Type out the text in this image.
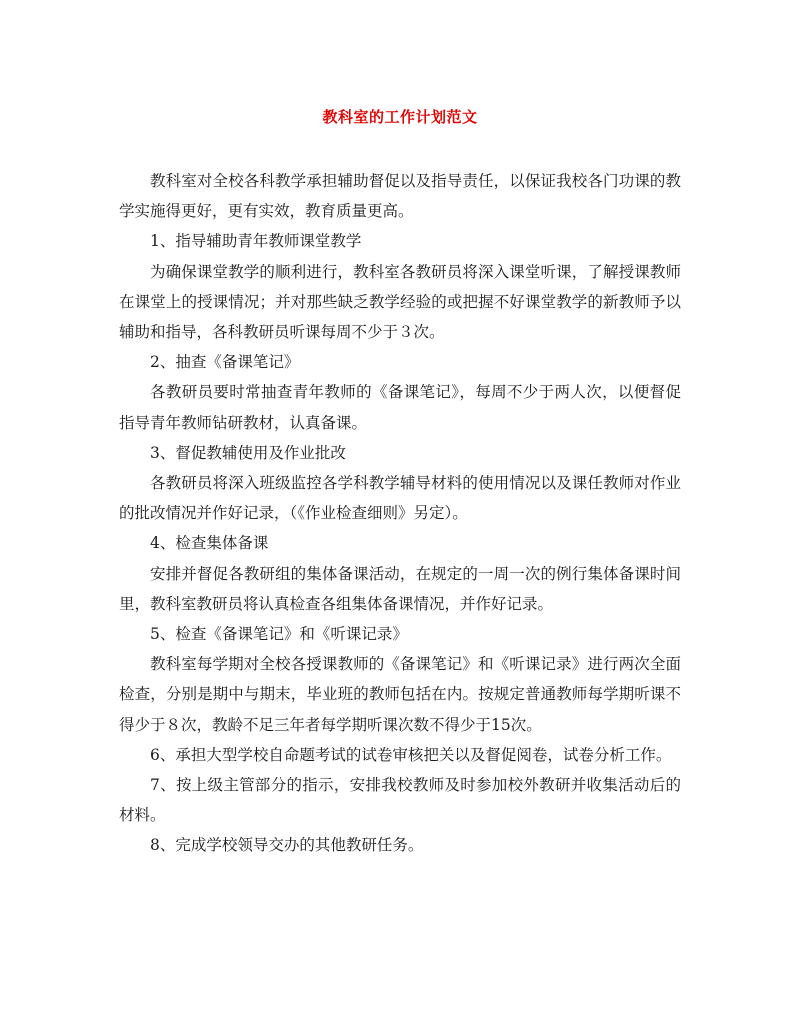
教科室的工作计划范文

教科室对全校各科教学承担辅助督促以及指导责任，以保证我校各门功课的教学实施得更好，更有实效，教育质量更高。

1、指导辅助青年教师课堂教学

为确保课堂教学的顺利进行，教科室各教研员将深入课堂听课，了解授课教师在课堂上的授课情况；并对那些缺乏教学经验的或把握不好课堂教学的新教师予以辅助和指导，各科教研员听课每周不少于３次。

2、抽查《备课笔记》

各教研员要时常抽查青年教师的《备课笔记》，每周不少于两人次，以便督促指导青年教师钻研教材，认真备课。

3、督促教辅使用及作业批改

各教研员将深入班级监控各学科教学辅导材料的使用情况以及课任教师对作业的批改情况并作好记录，（《作业检查细则》另定）。

4、检查集体备课

安排并督促各教研组的集体备课活动，在规定的一周一次的例行集体备课时间里，教科室教研员将认真检查各组集体备课情况，并作好记录。

5、检查《备课笔记》和《听课记录》

教科室每学期对全校各授课教师的《备课笔记》和《听课记录》进行两次全面检查，分别是期中与期末，毕业班的教师包括在内。按规定普通教师每学期听课不得少于８次，教龄不足三年者每学期听课次数不得少于15次。

6、承担大型学校自命题考试的试卷审核把关以及督促阅卷，试卷分析工作。

7、按上级主管部分的指示，安排我校教师及时参加校外教研并收集活动后的材料。

8、完成学校领导交办的其他教研任务。
